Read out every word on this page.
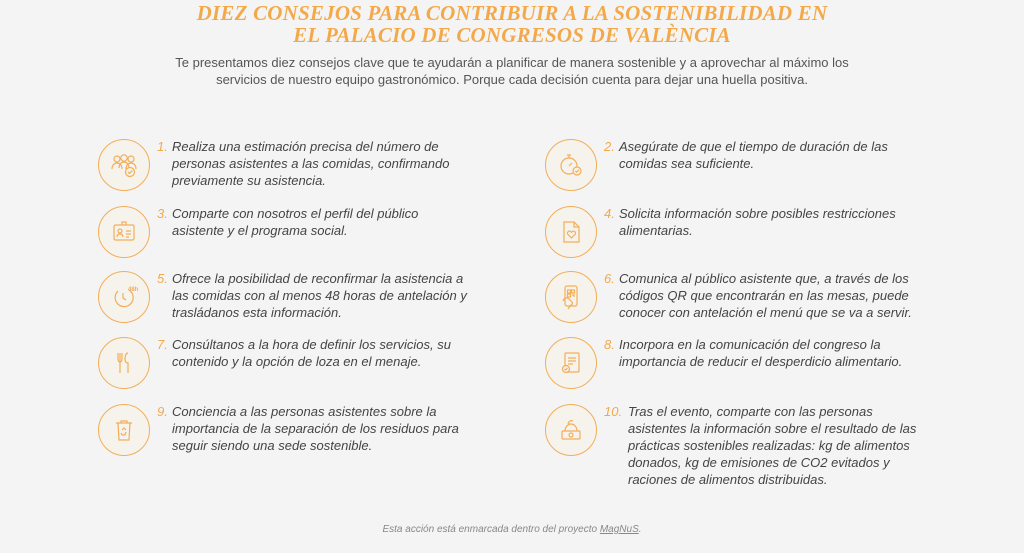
DIEZ CONSEJOS PARA CONTRIBUIR A LA SOSTENIBILIDAD EN
EL PALACIO DE CONGRESOS DE VALÈNCIA

Te presentamos diez consejos clave que te ayudarán a planificar de manera sostenible y a aprovechar al máximo los
servicios de nuestro equipo gastronómico. Porque cada decisión cuenta para dejar una huella positiva.

1. Realiza una estimación precisa del número de
personas asistentes a las comidas, confirmando
previamente su asistencia.
2. Asegúrate de que el tiempo de duración de las
comidas sea suficiente.
3. Comparte con nosotros el perfil del público
asistente y el programa social.
4. Solicita información sobre posibles restricciones
alimentarias.
48h
5. Ofrece la posibilidad de reconfirmar la asistencia a
las comidas con al menos 48 horas de antelación y
trasládanos esta información.
6. Comunica al público asistente que, a través de los
códigos QR que encontrarán en las mesas, puede
conocer con antelación el menú que se va a servir.
7. Consúltanos a la hora de definir los servicios, su
contenido y la opción de loza en el menaje.
8. Incorpora en la comunicación del congreso la
importancia de reducir el desperdicio alimentario.
9. Conciencia a las personas asistentes sobre la
importancia de la separación de los residuos para
seguir siendo una sede sostenible.
10. Tras el evento, comparte con las personas
asistentes la información sobre el resultado de las
prácticas sostenibles realizadas: kg de alimentos
donados, kg de emisiones de CO2 evitados y
raciones de alimentos distribuidas.
Esta acción está enmarcada dentro del proyecto MagNuS.
